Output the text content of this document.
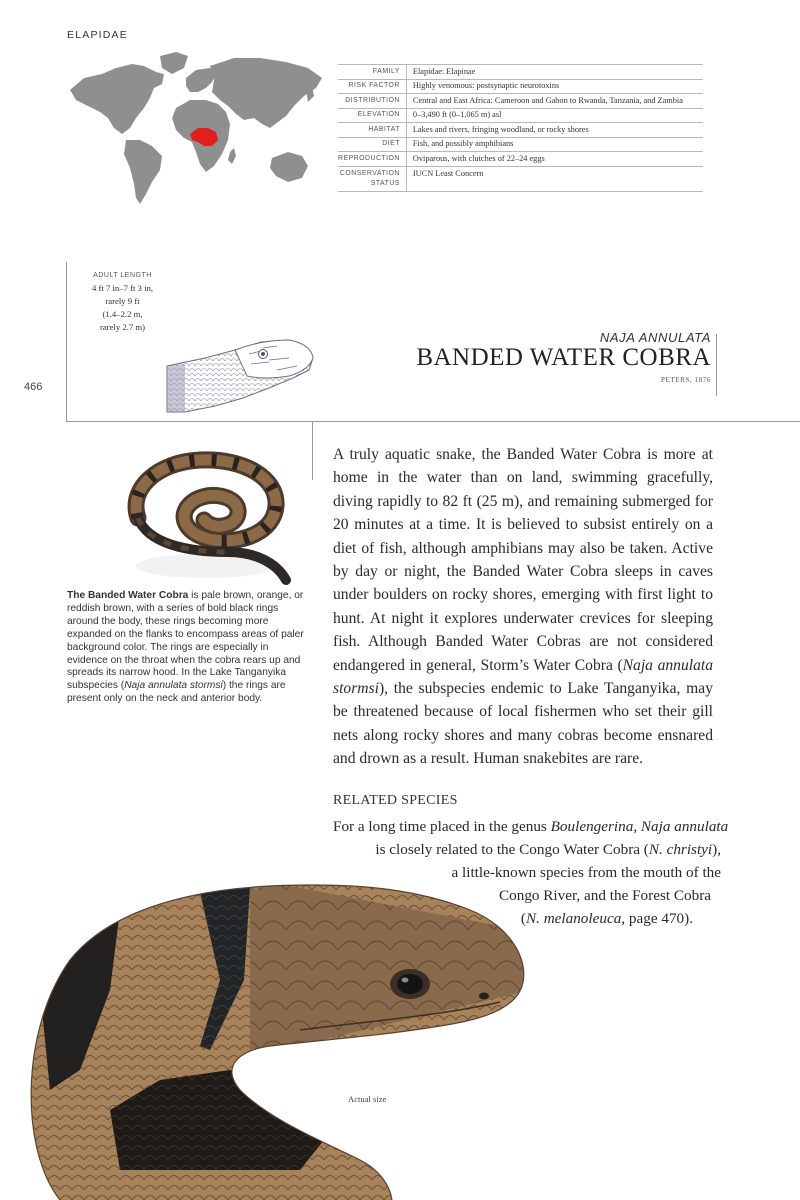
ELAPIDAE
FAMILY	Elapidae: Elapinae
RISK FACTOR	Highly venomous: postsynaptic neurotoxins
DISTRIBUTION	Central and East Africa: Cameroon and Gabon to Rwanda, Tanzania, and Zambia
ELEVATION	0–3,490 ft (0–1,065 m) asl
HABITAT	Lakes and rivers, fringing woodland, or rocky shores
DIET	Fish, and possibly amphibians
REPRODUCTION	Oviparous, with clutches of 22–24 eggs
CONSERVATION STATUS	IUCN Least Concern
ADULT LENGTH
4 ft 7 in–7 ft 3 in,
rarely 9 ft
(1.4–2.2 m,
rarely 2.7 m)
NAJA ANNULATA
BANDED WATER COBRA
PETERS, 1876
466
The Banded Water Cobra is pale brown, orange, or reddish brown, with a series of bold black rings around the body, these rings becoming more expanded on the flanks to encompass areas of paler background color. The rings are especially in evidence on the throat when the cobra rears up and spreads its narrow hood. In the Lake Tanganyika subspecies (Naja annulata stormsi) the rings are present only on the neck and anterior body.
A truly aquatic snake, the Banded Water Cobra is more at home in the water than on land, swimming gracefully, diving rapidly to 82 ft (25 m), and remaining submerged for 20 minutes at a time. It is believed to subsist entirely on a diet of fish, although amphibians may also be taken. Active by day or night, the Banded Water Cobra sleeps in caves under boulders on rocky shores, emerging with first light to hunt. At night it explores underwater crevices for sleeping fish. Although Banded Water Cobras are not considered endangered in general, Storm’s Water Cobra (Naja annulata stormsi), the subspecies endemic to Lake Tanganyika, may be threatened because of local fishermen who set their gill nets along rocky shores and many cobras become ensnared and drown as a result. Human snakebites are rare.
RELATED SPECIES
For a long time placed in the genus Boulengerina, Naja annulata
is closely related to the Congo Water Cobra (N. christyi),
a little-known species from the mouth of the
Congo River, and the Forest Cobra
(N. melanoleuca, page 470).
Actual size
